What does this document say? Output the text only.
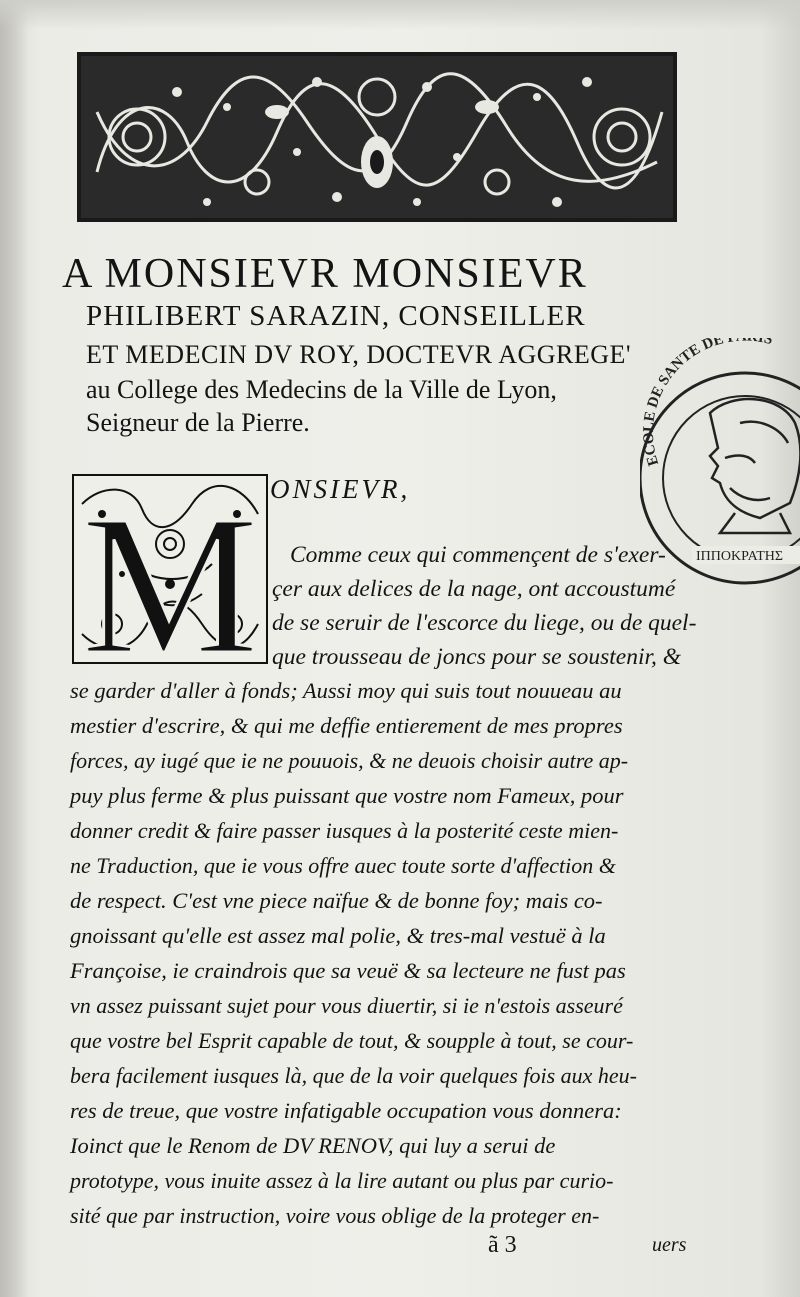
A MONSIEVR MONSIEVR
PHILIBERT SARAZIN, CONSEILLER
ET MEDECIN DV ROY, DOCTEVR AGGREGE'
au College des Medecins de la Ville de Lyon,
Seigneur de la Pierre.
ECOLE DE SANTE DE S
ΙΠΠΟΚΡΑΤΗΣ
M ONSIEVR,
Comme ceux qui commençent de s'exer-
çer aux delices de la nage, ont accoustumé
de se seruir de l'escorce du liege, ou de quel-
que trousseau de joncs pour se soustenir, &
se garder d'aller à fonds; Aussi moy qui suis tout nouueau au
mestier d'escrire, & qui me deffie entierement de mes propres
forces, ay iugé que ie ne pouuois, & ne deuois choisir autre ap-
puy plus ferme & plus puissant que vostre nom Fameux, pour
donner credit & faire passer iusques à la posterité ceste mien-
ne Traduction, que ie vous offre auec toute sorte d'affection &
de respect. C'est vne piece naïfue & de bonne foy; mais co-
gnoissant qu'elle est assez mal polie, & tres-mal vestuë à la
Françoise, ie craindrois que sa veuë & sa lecteure ne fust pas
vn assez puissant sujet pour vous diuertir, si ie n'estois asseuré
que vostre bel Esprit capable de tout, & soupple à tout, se cour-
bera facilement iusques là, que de la voir quelques fois aux heu-
res de treue, que vostre infatigable occupation vous donnera:
Ioinct que le Renom de DV RENOV, qui luy a serui de
prototype, vous inuite assez à la lire autant ou plus par curio-
sité que par instruction, voire vous oblige de la proteger en-
ã 3	uers
